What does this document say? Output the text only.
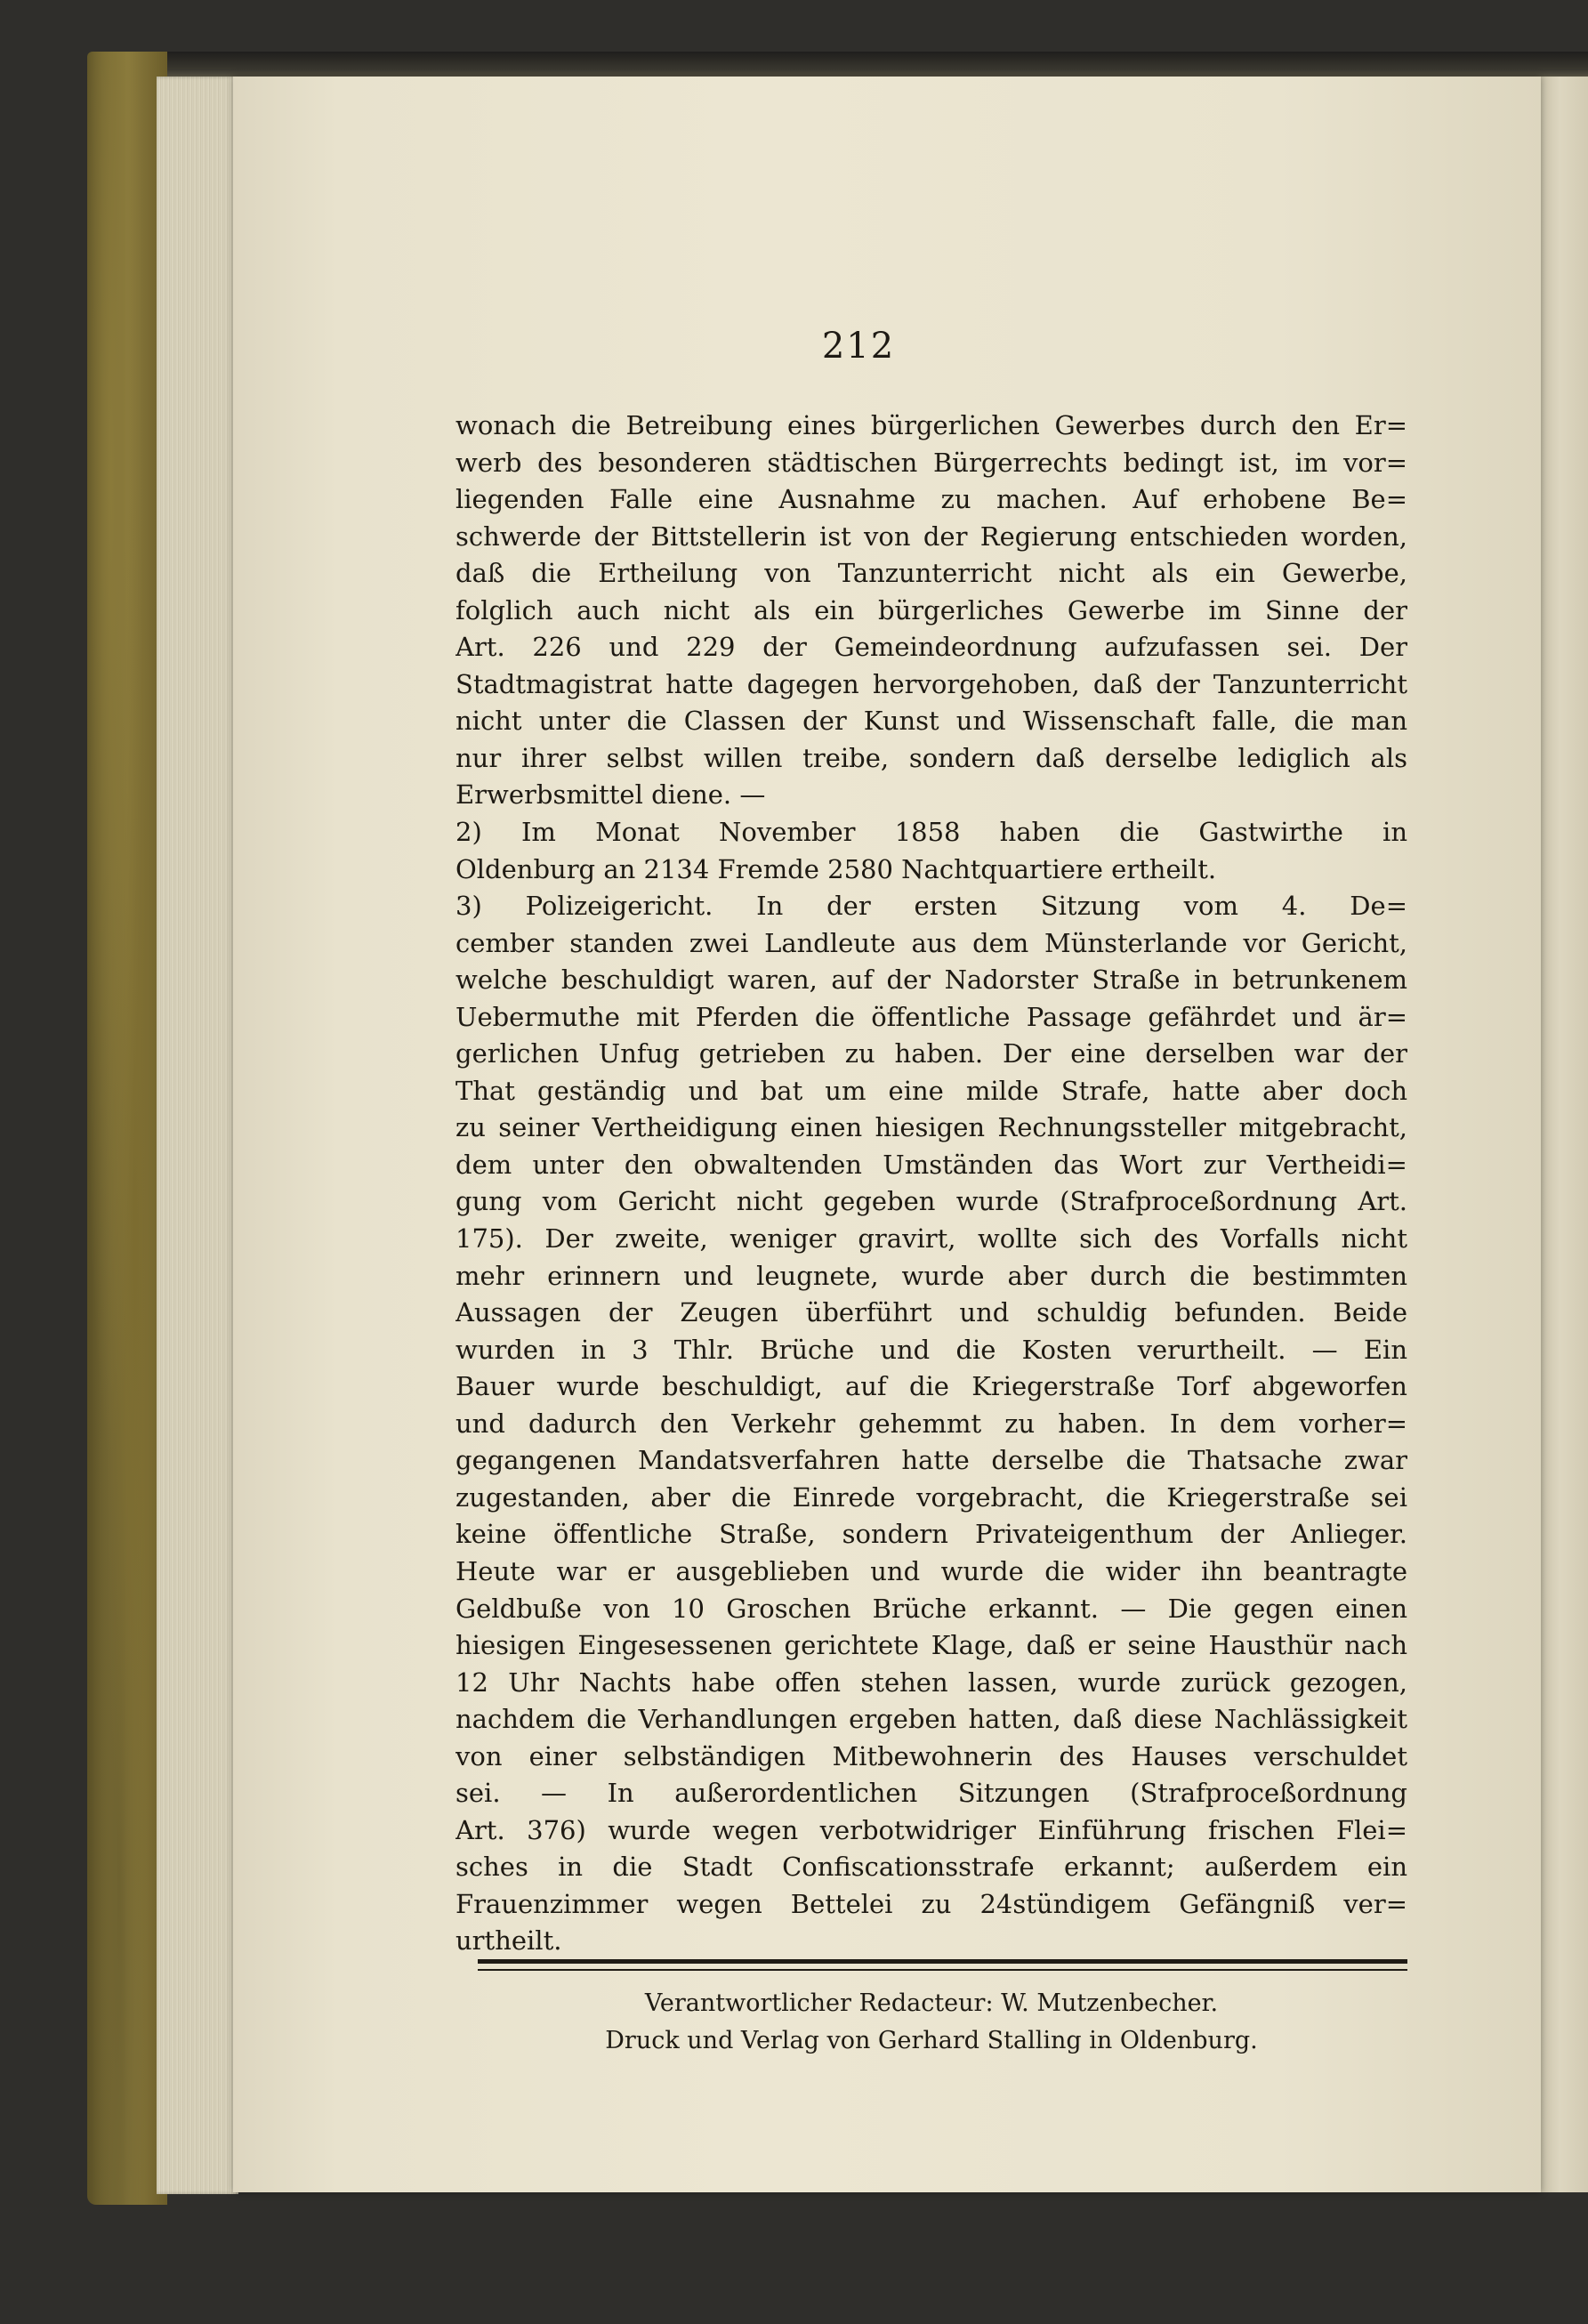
212
wonach die Betreibung eines bürgerlichen Gewerbes durch den Er=
werb des besonderen städtischen Bürgerrechts bedingt ist, im vor=
liegenden Falle eine Ausnahme zu machen. Auf erhobene Be=
schwerde der Bittstellerin ist von der Regierung entschieden worden,
daß die Ertheilung von Tanzunterricht nicht als ein Gewerbe,
folglich auch nicht als ein bürgerliches Gewerbe im Sinne der
Art. 226 und 229 der Gemeindeordnung aufzufassen sei. Der
Stadtmagistrat hatte dagegen hervorgehoben, daß der Tanzunterricht
nicht unter die Classen der Kunst und Wissenschaft falle, die man
nur ihrer selbst willen treibe, sondern daß derselbe lediglich als
Erwerbsmittel diene. —
2) Im Monat November 1858 haben die Gastwirthe in
Oldenburg an 2134 Fremde 2580 Nachtquartiere ertheilt.
3) Polizeigericht. In der ersten Sitzung vom 4. De=
cember standen zwei Landleute aus dem Münsterlande vor Gericht,
welche beschuldigt waren, auf der Nadorster Straße in betrunkenem
Uebermuthe mit Pferden die öffentliche Passage gefährdet und är=
gerlichen Unfug getrieben zu haben. Der eine derselben war der
That geständig und bat um eine milde Strafe, hatte aber doch
zu seiner Vertheidigung einen hiesigen Rechnungssteller mitgebracht,
dem unter den obwaltenden Umständen das Wort zur Vertheidi=
gung vom Gericht nicht gegeben wurde (Strafproceßordnung Art.
175). Der zweite, weniger gravirt, wollte sich des Vorfalls nicht
mehr erinnern und leugnete, wurde aber durch die bestimmten
Aussagen der Zeugen überführt und schuldig befunden. Beide
wurden in 3 Thlr. Brüche und die Kosten verurtheilt. — Ein
Bauer wurde beschuldigt, auf die Kriegerstraße Torf abgeworfen
und dadurch den Verkehr gehemmt zu haben. In dem vorher=
gegangenen Mandatsverfahren hatte derselbe die Thatsache zwar
zugestanden, aber die Einrede vorgebracht, die Kriegerstraße sei
keine öffentliche Straße, sondern Privateigenthum der Anlieger.
Heute war er ausgeblieben und wurde die wider ihn beantragte
Geldbuße von 10 Groschen Brüche erkannt. — Die gegen einen
hiesigen Eingesessenen gerichtete Klage, daß er seine Hausthür nach
12 Uhr Nachts habe offen stehen lassen, wurde zurück gezogen,
nachdem die Verhandlungen ergeben hatten, daß diese Nachlässigkeit
von einer selbständigen Mitbewohnerin des Hauses verschuldet
sei. — In außerordentlichen Sitzungen (Strafproceßordnung
Art. 376) wurde wegen verbotwidriger Einführung frischen Flei=
sches in die Stadt Confiscationsstrafe erkannt; außerdem ein
Frauenzimmer wegen Bettelei zu 24stündigem Gefängniß ver=
urtheilt.
Verantwortlicher Redacteur: W. Mutzenbecher.
Druck und Verlag von Gerhard Stalling in Oldenburg.
